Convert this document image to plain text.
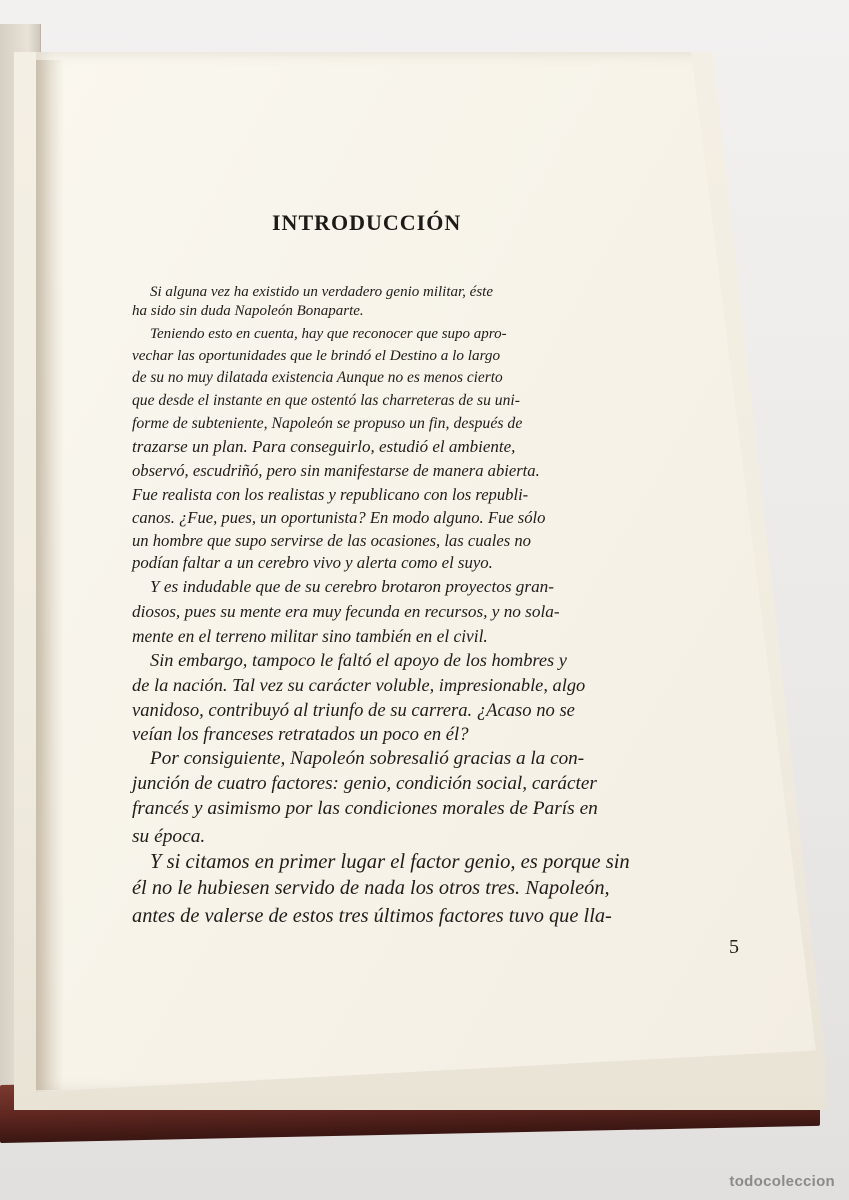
INTRODUCCIÓN

Si alguna vez ha existido un verdadero genio militar, éste

ha sido sin duda Napoleón Bonaparte.

Teniendo esto en cuenta, hay que reconocer que supo apro-

vechar las oportunidades que le brindó el Destino a lo largo

de su no muy dilatada existencia Aunque no es menos cierto

que desde el instante en que ostentó las charreteras de su uni-

forme de subteniente, Napoleón se propuso un fin, después de

trazarse un plan. Para conseguirlo, estudió el ambiente,

observó, escudriñó, pero sin manifestarse de manera abierta.

Fue realista con los realistas y republicano con los republi-

canos. ¿Fue, pues, un oportunista? En modo alguno. Fue sólo

un hombre que supo servirse de las ocasiones, las cuales no

podían faltar a un cerebro vivo y alerta como el suyo.

Y es indudable que de su cerebro brotaron proyectos gran-

diosos, pues su mente era muy fecunda en recursos, y no sola-

mente en el terreno militar sino también en el civil.

Sin embargo, tampoco le faltó el apoyo de los hombres y

de la nación. Tal vez su carácter voluble, impresionable, algo

vanidoso, contribuyó al triunfo de su carrera. ¿Acaso no se

veían los franceses retratados un poco en él?

Por consiguiente, Napoleón sobresalió gracias a la con-

junción de cuatro factores: genio, condición social, carácter

francés y asimismo por las condiciones morales de París en

su época.

Y si citamos en primer lugar el factor genio, es porque sin

él no le hubiesen servido de nada los otros tres. Napoleón,

antes de valerse de estos tres últimos factores tuvo que lla-

5

todocoleccion
